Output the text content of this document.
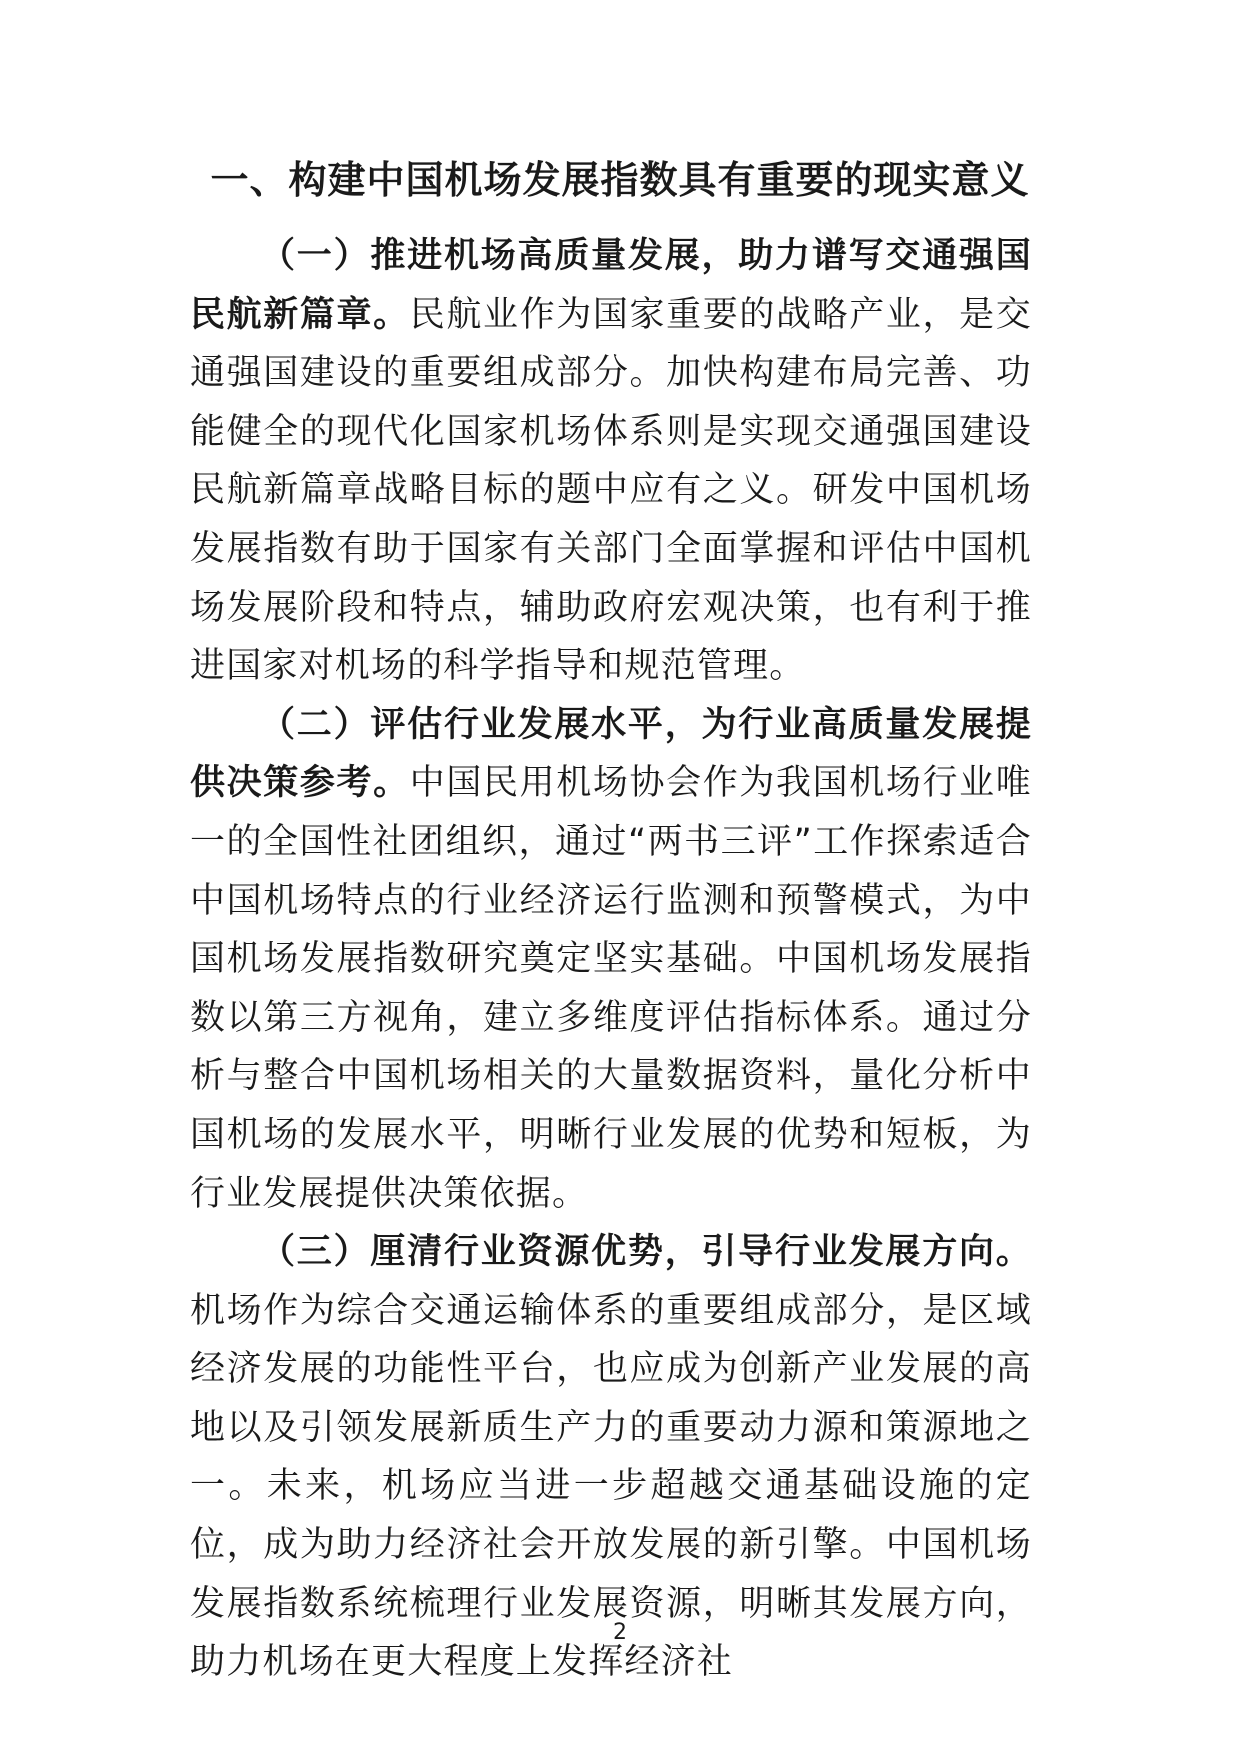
一、构建中国机场发展指数具有重要的现实意义

（一）推进机场高质量发展，助力谱写交通强国民航新篇章。民航业作为国家重要的战略产业，是交通强国建设的重要组成部分。加快构建布局完善、功能健全的现代化国家机场体系则是实现交通强国建设民航新篇章战略目标的题中应有之义。研发中国机场发展指数有助于国家有关部门全面掌握和评估中国机场发展阶段和特点，辅助政府宏观决策，也有利于推进国家对机场的科学指导和规范管理。

（二）评估行业发展水平，为行业高质量发展提供决策参考。中国民用机场协会作为我国机场行业唯一的全国性社团组织，通过“两书三评”工作探索适合中国机场特点的行业经济运行监测和预警模式，为中国机场发展指数研究奠定坚实基础。中国机场发展指数以第三方视角，建立多维度评估指标体系。通过分析与整合中国机场相关的大量数据资料，量化分析中国机场的发展水平，明晰行业发展的优势和短板，为行业发展提供决策依据。

（三）厘清行业资源优势，引导行业发展方向。机场作为综合交通运输体系的重要组成部分，是区域经济发展的功能性平台，也应成为创新产业发展的高地以及引领发展新质生产力的重要动力源和策源地之一。未来，机场应当进一步超越交通基础设施的定位，成为助力经济社会开放发展的新引擎。中国机场发展指数系统梳理行业发展资源，明晰其发展方向，助力机场在更大程度上发挥经济社

2
